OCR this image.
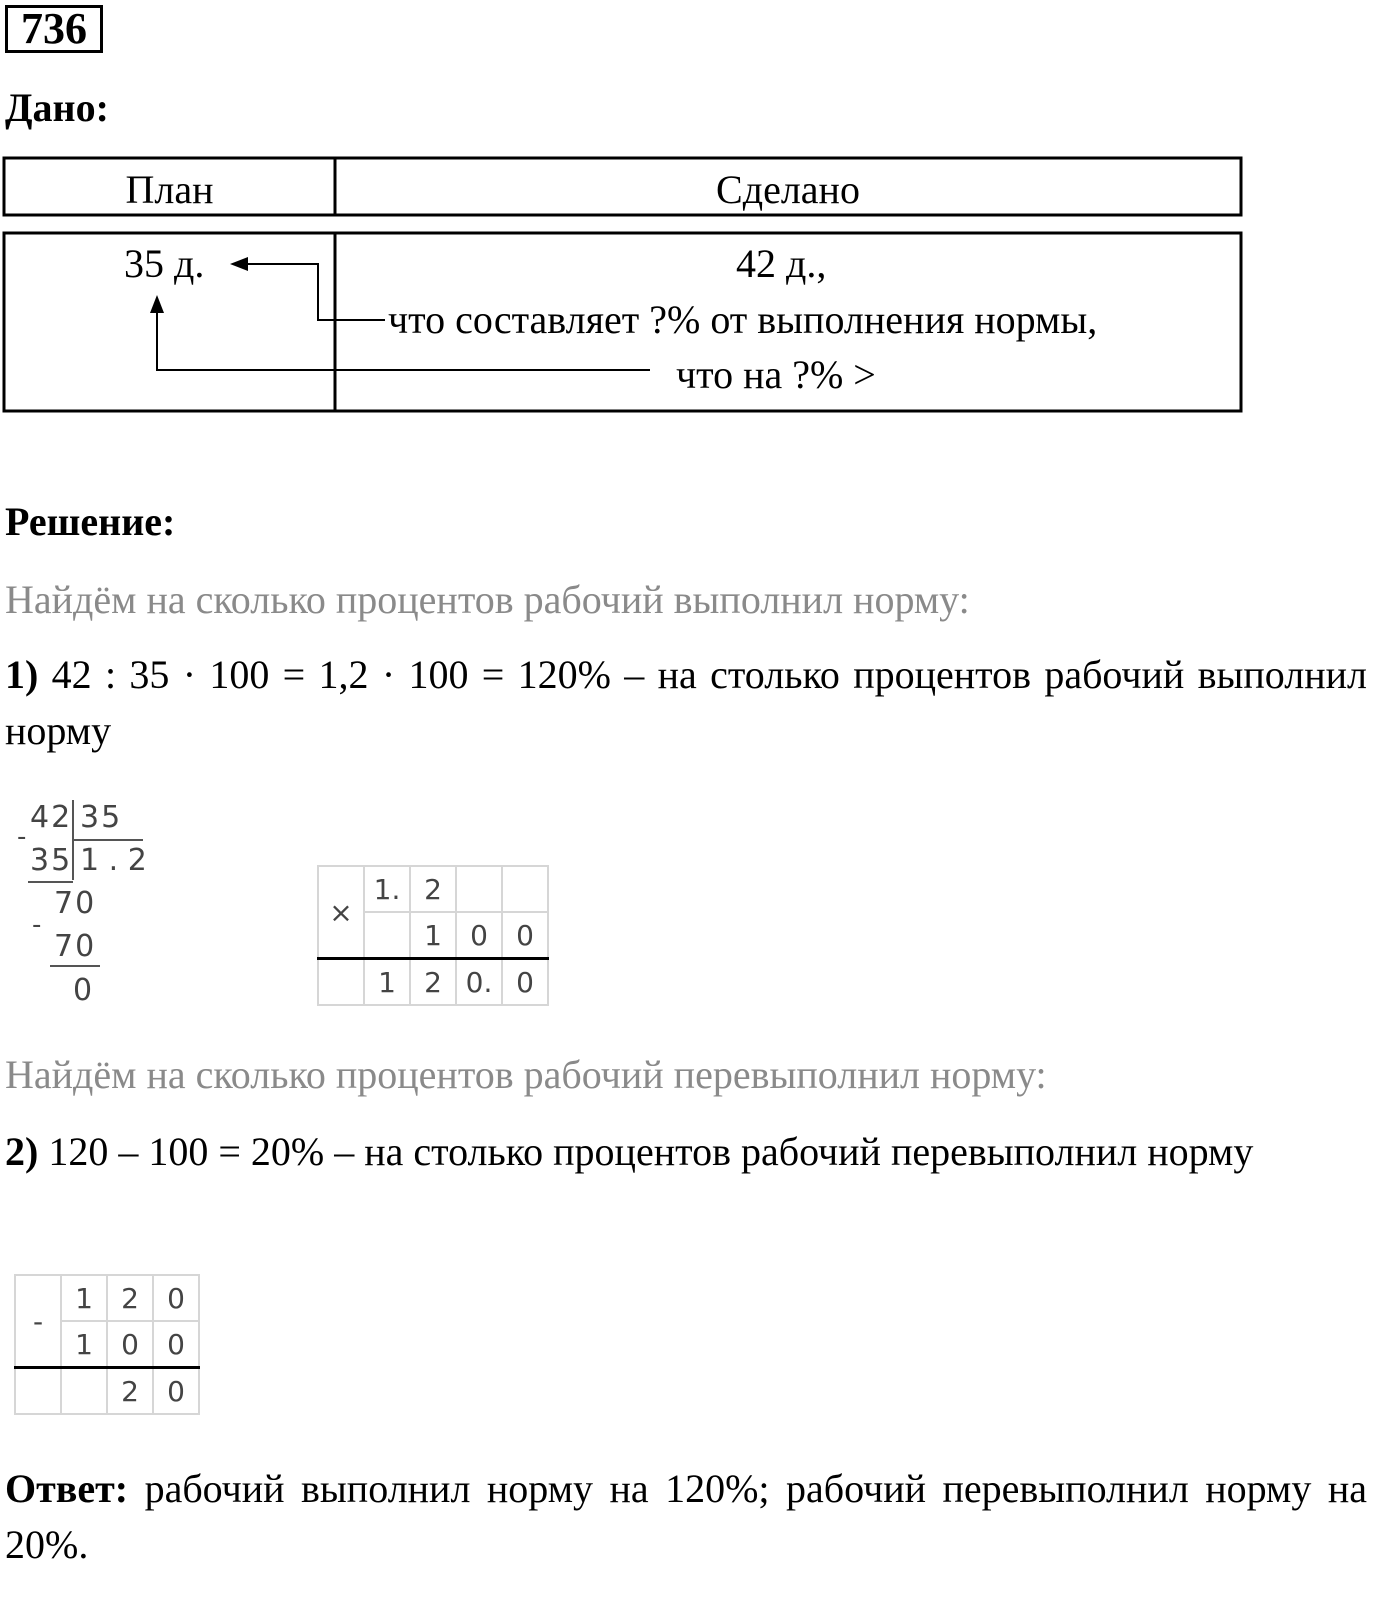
736
Дано:
План	Сделано
35 д.	42 д.,
что составляет ?% от выполнения нормы,
что на ?% >
Решение:
Найдём на сколько процентов рабочий выполнил норму:
1) 42 : 35 · 100 = 1,2 · 100 = 120% – на столько процентов рабочий выполнил норму
42 35
-
35 1 . 2
70
-
70
0
×	1.	2		
		1	0	0
	1	2	0.	0
Найдём на сколько процентов рабочий перевыполнил норму:
2) 120 – 100 = 20% – на столько процентов рабочий перевыполнил норму
-	1	2	0
	1	0	0
		2	0
Ответ: рабочий выполнил норму на 120%; рабочий перевыполнил норму на 20%.
